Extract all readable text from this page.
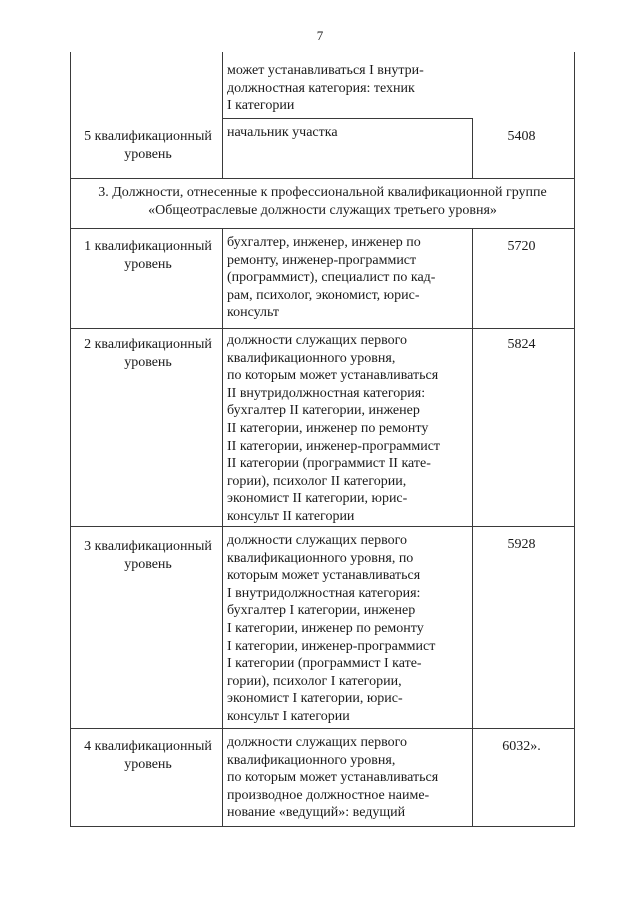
7
может устанавливаться I внутри-
должностная категория: техник
I категории
5 квалификационный
уровень
начальник участка	5408
3. Должности, отнесенные к профессиональной квалификационной группе
«Общеотраслевые должности служащих третьего уровня»
1 квалификационный
уровень
бухгалтер, инженер, инженер по
ремонту, инженер-программист
(программист), специалист по кад-
рам, психолог, экономист, юрис-
консульт
5720
2 квалификационный
уровень
должности служащих первого
квалификационного уровня,
по которым может устанавливаться
II внутридолжностная категория:
бухгалтер II категории, инженер
II категории, инженер по ремонту
II категории, инженер-программист
II категории (программист II кате-
гории), психолог II категории,
экономист II категории, юрис-
консульт II категории
5824
3 квалификационный
уровень
должности служащих первого
квалификационного уровня, по
которым может устанавливаться
I внутридолжностная категория:
бухгалтер I категории, инженер
I категории, инженер по ремонту
I категории, инженер-программист
I категории (программист I кате-
гории), психолог I категории,
экономист I категории, юрис-
консульт I категории
5928
4 квалификационный
уровень
должности служащих первого
квалификационного уровня,
по которым может устанавливаться
производное должностное наиме-
нование «ведущий»: ведущий
6032».
